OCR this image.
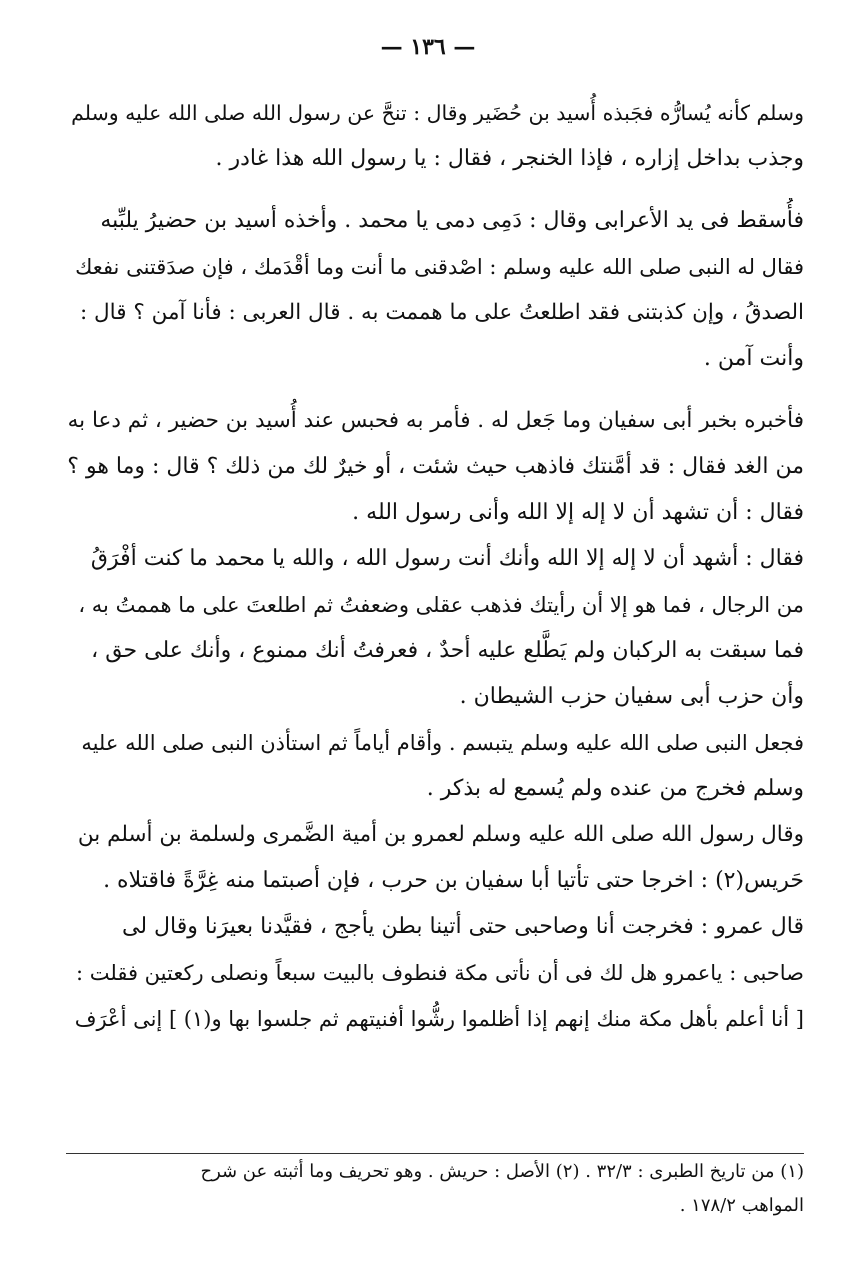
— ١٣٦ —
وسلم كأنه يُسارُّه فجَبذه أُسيد بن حُضَير وقال : تنحَّ عن رسول الله صلى الله عليه وسلم
وجذب بداخل إزاره ، فإذا الخنجر ، فقال : يا رسول الله هذا غادر .
فأُسقط فى يد الأعرابى وقال : دَمِى دمى يا محمد . وأخذه أسيد بن حضيرُ يلبِّبه
فقال له النبى صلى الله عليه وسلم : اصْدقنى ما أنت وما أقْدَمك ، فإن صدَقتنى نفعك
الصدقُ ، وإن كذبتنى فقد اطلعتُ على ما هممت به . قال العربى : فأنا آمن ؟ قال :
وأنت آمن .
فأخبره بخبر أبى سفيان وما جَعل له . فأمر به فحبس عند أُسيد بن حضير ، ثم دعا به
من الغد فقال : قد أمَّنتك فاذهب حيث شئت ، أو خيرٌ لك من ذلك ؟ قال : وما هو ؟
فقال : أن تشهد أن لا إله إلا الله وأنى رسول الله .
فقال : أشهد أن لا إله إلا الله وأنك أنت رسول الله ، والله يا محمد ما كنت أفْرَقُ
من الرجال ، فما هو إلا أن رأيتك فذهب عقلى وضعفتُ ثم اطلعتَ على ما هممتُ به ،
فما سبقت به الركبان ولم يَطَّلع عليه أحدٌ ، فعرفتُ أنك ممنوع ، وأنك على حق ،
وأن حزب أبى سفيان حزب الشيطان .
فجعل النبى صلى الله عليه وسلم يتبسم . وأقام أياماً ثم استأذن النبى صلى الله عليه
وسلم فخرج من عنده ولم يُسمع له بذكر .
وقال رسول الله صلى الله عليه وسلم لعمرو بن أمية الضَّمرى ولسلمة بن أسلم بن
حَريس(٢) : اخرجا حتى تأتيا أبا سفيان بن حرب ، فإن أصبتما منه غِرَّةً فاقتلاه .
قال عمرو : فخرجت أنا وصاحبى حتى أتينا بطن يأجج ، فقيَّدنا بعيرَنا وقال لى
صاحبى : ياعمرو هل لك فى أن نأتى مكة فنطوف بالبيت سبعاً ونصلى ركعتين فقلت :
[ أنا أعلم بأهل مكة منك إنهم إذا أظلموا رشُّوا أفنيتهم ثم جلسوا بها و(١) ] إنى أعْرَف
(١) من تاريخ الطبرى : ٣٢/٣ . (٢) الأصل : حريش . وهو تحريف وما أثبته عن شرح
المواهب ١٧٨/٢ .
